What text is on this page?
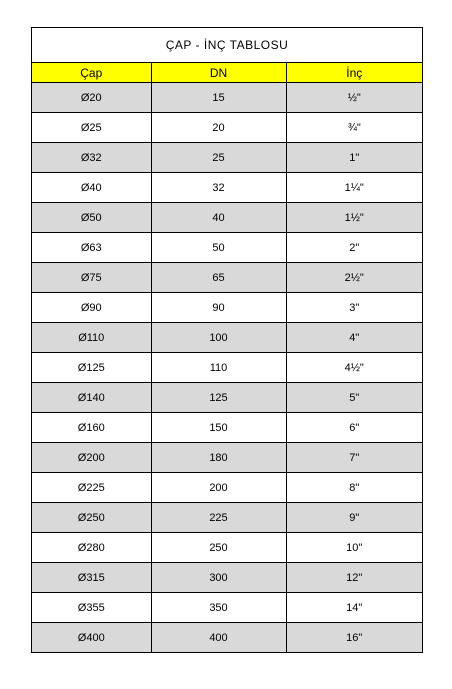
ÇAP - İNÇ TABLOSU
Çap	DN	İnç
Ø20	15	½"
Ø25	20	¾"
Ø32	25	1"
Ø40	32	1¼"
Ø50	40	1½"
Ø63	50	2"
Ø75	65	2½"
Ø90	90	3"
Ø110	100	4"
Ø125	110	4½"
Ø140	125	5"
Ø160	150	6"
Ø200	180	7"
Ø225	200	8"
Ø250	225	9"
Ø280	250	10"
Ø315	300	12"
Ø355	350	14"
Ø400	400	16"
